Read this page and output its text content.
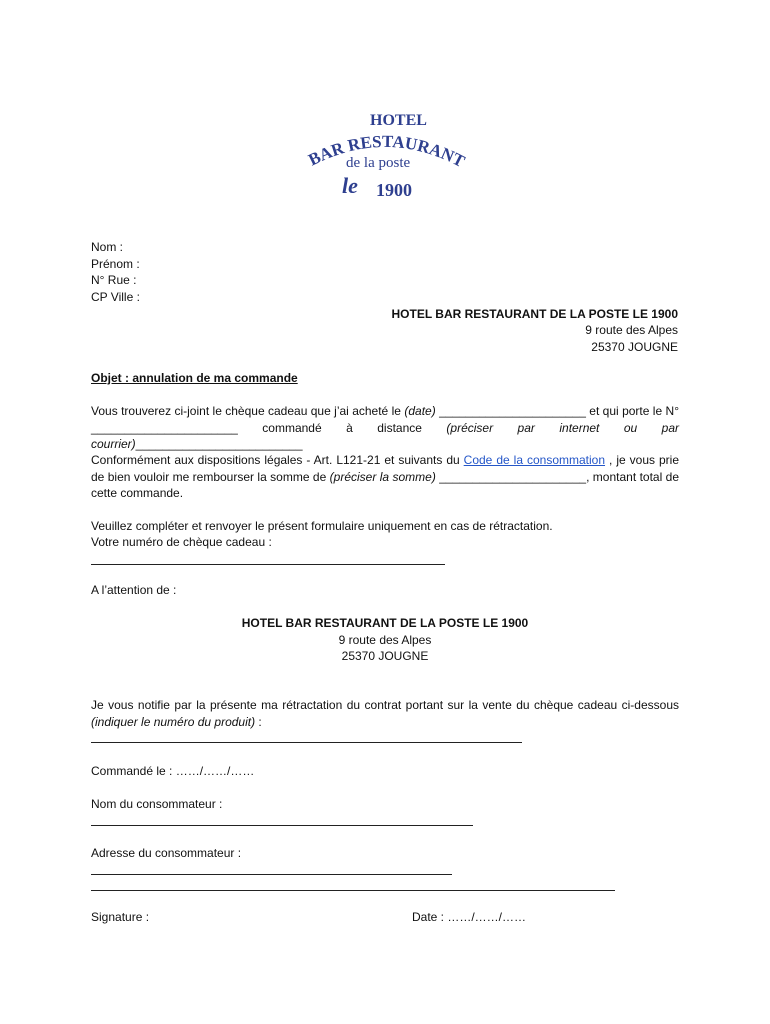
HOTEL
BAR RESTAURANT
de la poste
le 1900
Nom :
Prénom :
N° Rue :
CP Ville :
HOTEL BAR RESTAURANT DE LA POSTE LE 1900
9 route des Alpes
25370 JOUGNE
Objet : annulation de ma commande
Vous trouverez ci-joint le chèque cadeau que j’ai acheté le (date) ______________________ et qui porte le N° ______________________ commandé à distance (préciser par internet ou par courrier)_________________________
Conformément aux dispositions légales - Art. L121-21 et suivants du Code de la consommation , je vous prie de bien vouloir me rembourser la somme de (préciser la somme) ______________________, montant total de cette commande.
Veuillez compléter et renvoyer le présent formulaire uniquement en cas de rétractation.
Votre numéro de chèque cadeau :
A l’attention de :
HOTEL BAR RESTAURANT DE LA POSTE LE 1900
9 route des Alpes
25370 JOUGNE
Je vous notifie par la présente ma rétractation du contrat portant sur la vente du chèque cadeau ci-dessous (indiquer le numéro du produit) :
Commandé le : ……/……/……
Nom du consommateur :
Adresse du consommateur :
Signature :	Date : ……/……/……
